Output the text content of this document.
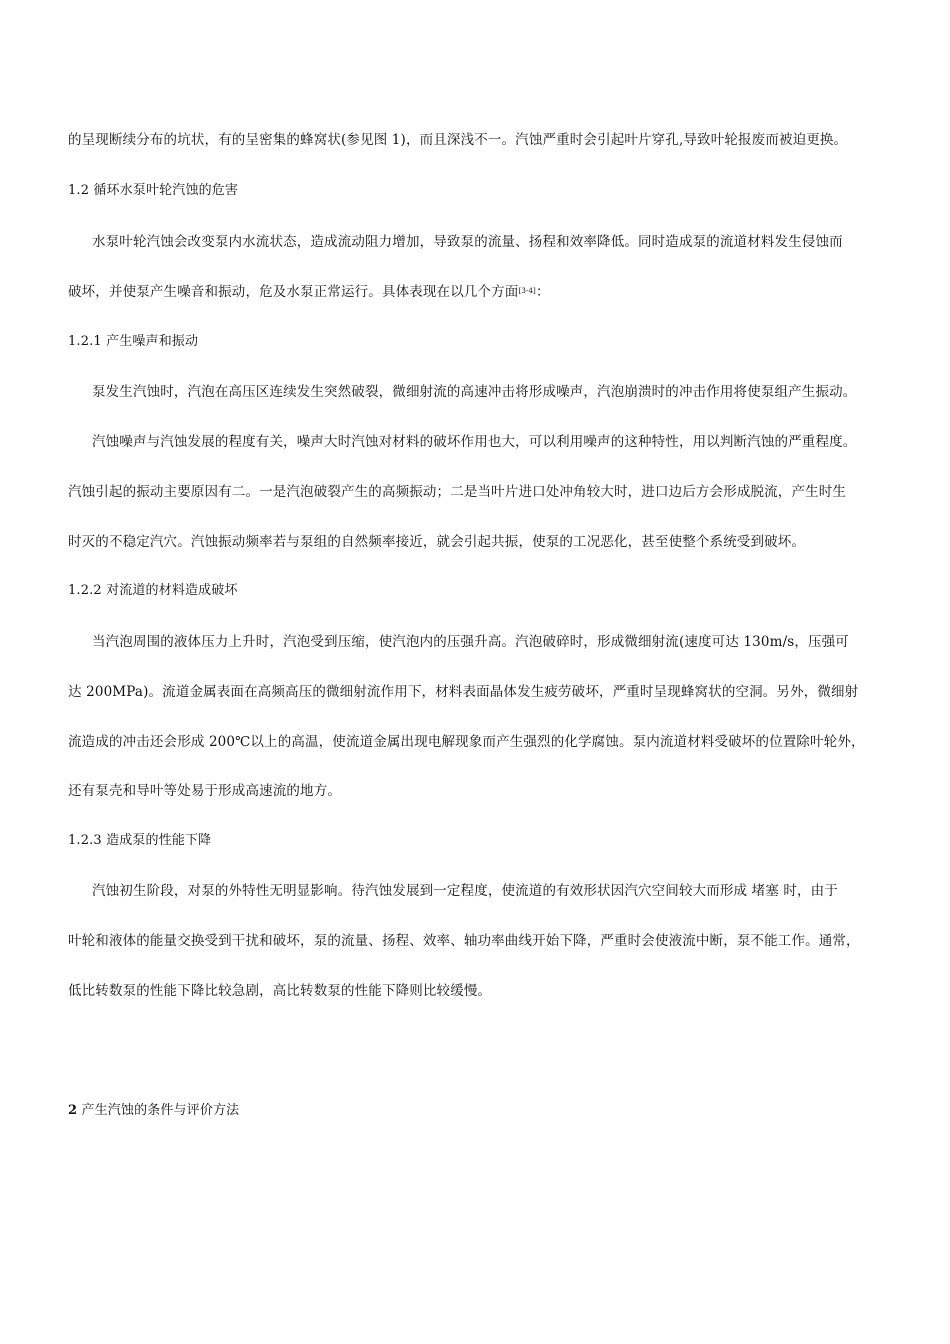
的呈现断续分布的坑状，有的呈密集的蜂窝状(参见图 1)，而且深浅不一。汽蚀严重时会引起叶片穿孔,导致叶轮报废而被迫更换。
1.2 循环水泵叶轮汽蚀的危害
水泵叶轮汽蚀会改变泵内水流状态，造成流动阻力增加，导致泵的流量、扬程和效率降低。同时造成泵的流道材料发生侵蚀而
破坏，并使泵产生噪音和振动，危及水泵正常运行。具体表现在以几个方面[3-4]：
1.2.1 产生噪声和振动
泵发生汽蚀时，汽泡在高压区连续发生突然破裂，微细射流的高速冲击将形成噪声，汽泡崩溃时的冲击作用将使泵组产生振动。
汽蚀噪声与汽蚀发展的程度有关，噪声大时汽蚀对材料的破坏作用也大，可以利用噪声的这种特性，用以判断汽蚀的严重程度。
汽蚀引起的振动主要原因有二。一是汽泡破裂产生的高频振动；二是当叶片进口处冲角较大时，进口边后方会形成脱流，产生时生
时灭的不稳定汽穴。汽蚀振动频率若与泵组的自然频率接近，就会引起共振，使泵的工况恶化，甚至使整个系统受到破坏。
1.2.2 对流道的材料造成破坏
当汽泡周围的液体压力上升时，汽泡受到压缩，使汽泡内的压强升高。汽泡破碎时，形成微细射流(速度可达 130m/s，压强可
达 200MPa)。流道金属表面在高频高压的微细射流作用下，材料表面晶体发生疲劳破坏，严重时呈现蜂窝状的空洞。另外，微细射
流造成的冲击还会形成 200℃以上的高温，使流道金属出现电解现象而产生强烈的化学腐蚀。泵内流道材料受破坏的位置除叶轮外，
还有泵壳和导叶等处易于形成高速流的地方。
1.2.3 造成泵的性能下降
汽蚀初生阶段，对泵的外特性无明显影响。待汽蚀发展到一定程度，使流道的有效形状因汽穴空间较大而形成 堵塞 时，由于
叶轮和液体的能量交换受到干扰和破坏，泵的流量、扬程、效率、轴功率曲线开始下降，严重时会使液流中断，泵不能工作。通常，
低比转数泵的性能下降比较急剧，高比转数泵的性能下降则比较缓慢。
2 产生汽蚀的条件与评价方法
